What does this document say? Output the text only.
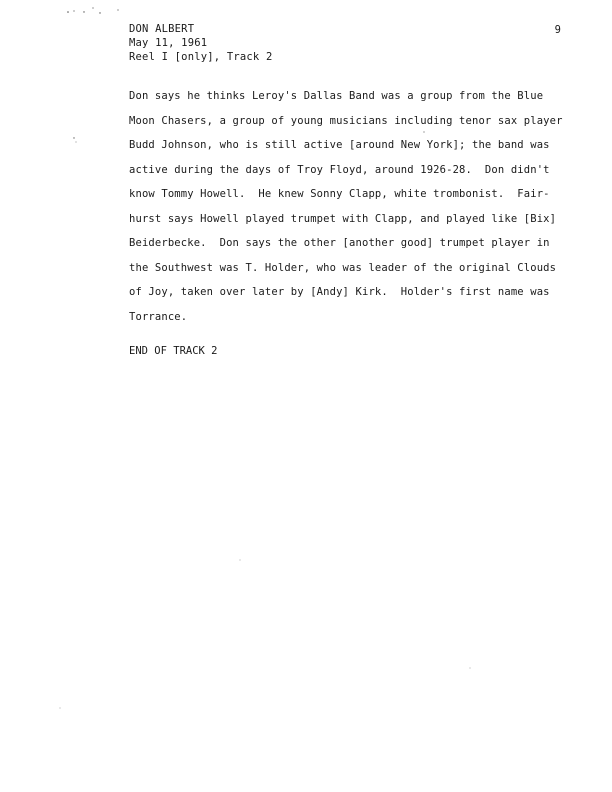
DON ALBERT
May 11, 1961
Reel I [only], Track 2
9
Don says he thinks Leroy's Dallas Band was a group from the Blue
Moon Chasers, a group of young musicians including tenor sax player
Budd Johnson, who is still active [around New York]; the band was
active during the days of Troy Floyd, around 1926-28.  Don didn't
know Tommy Howell.  He knew Sonny Clapp, white trombonist.  Fair-
hurst says Howell played trumpet with Clapp, and played like [Bix]
Beiderbecke.  Don says the other [another good] trumpet player in
the Southwest was T. Holder, who was leader of the original Clouds
of Joy, taken over later by [Andy] Kirk.  Holder's first name was
Torrance.
END OF TRACK 2
